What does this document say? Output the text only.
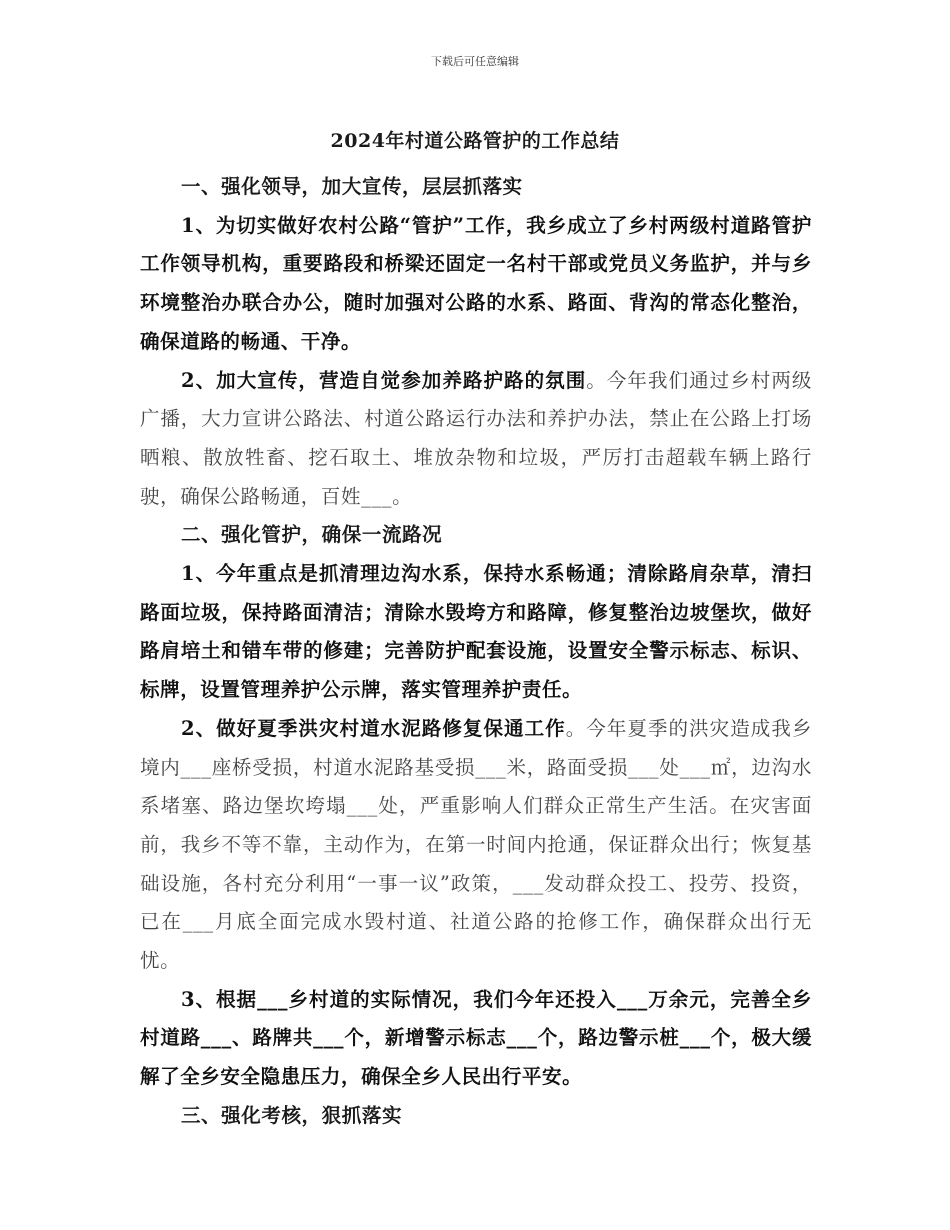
下载后可任意编辑
2024年村道公路管护的工作总结

一、强化领导，加大宣传，层层抓落实

1、为切实做好农村公路“管护”工作，我乡成立了乡村两级村道路管护工作领导机构，重要路段和桥梁还固定一名村干部或党员义务监护，并与乡环境整治办联合办公，随时加强对公路的水系、路面、背沟的常态化整治，确保道路的畅通、干净。

2、加大宣传，营造自觉参加养路护路的氛围。今年我们通过乡村两级广播，大力宣讲公路法、村道公路运行办法和养护办法，禁止在公路上打场晒粮、散放牲畜、挖石取土、堆放杂物和垃圾，严厉打击超载车辆上路行驶，确保公路畅通，百姓___。

二、强化管护，确保一流路况

1、今年重点是抓清理边沟水系，保持水系畅通；清除路肩杂草，清扫路面垃圾，保持路面清洁；清除水毁垮方和路障，修复整治边坡堡坎，做好路肩培土和错车带的修建；完善防护配套设施，设置安全警示标志、标识、标牌，设置管理养护公示牌，落实管理养护责任。

2、做好夏季洪灾村道水泥路修复保通工作。今年夏季的洪灾造成我乡境内___座桥受损，村道水泥路基受损___米，路面受损___处___㎡，边沟水系堵塞、路边堡坎垮塌___处，严重影响人们群众正常生产生活。在灾害面前，我乡不等不靠，主动作为，在第一时间内抢通，保证群众出行；恢复基础设施，各村充分利用“一事一议”政策，___发动群众投工、投劳、投资，已在___月底全面完成水毁村道、社道公路的抢修工作，确保群众出行无忧。

3、根据___乡村道的实际情况，我们今年还投入___万余元，完善全乡村道路___、路牌共___个，新增警示标志___个，路边警示桩___个，极大缓解了全乡安全隐患压力，确保全乡人民出行平安。

三、强化考核，狠抓落实
